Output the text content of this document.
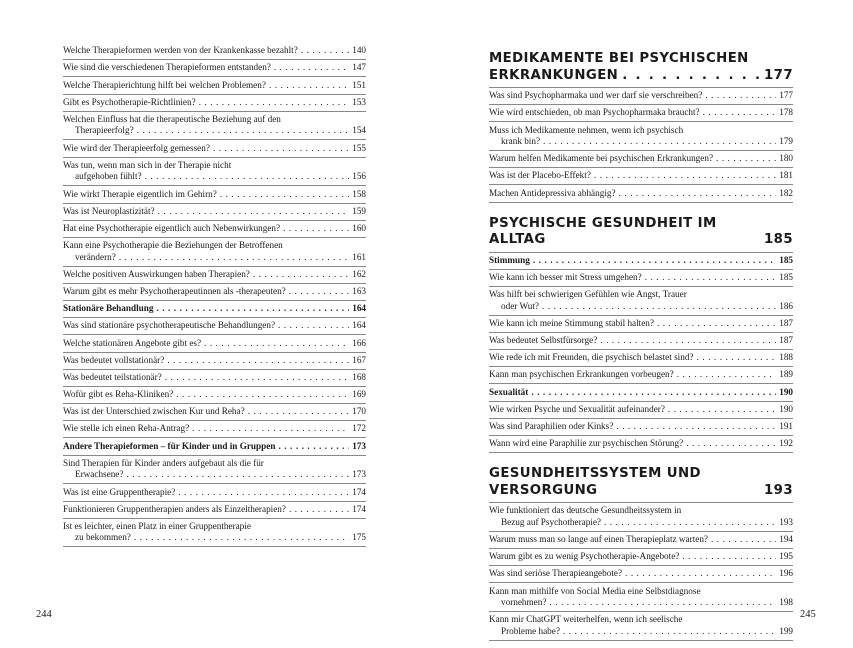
Welche Therapieformen werden von der Krankenkasse bezahlt? . . .	140
Wie sind die verschiedenen Therapieformen entstanden? . . .	147
Welche Therapierichtung hilft bei welchen Problemen? . . .	151
Gibt es Psychotherapie-Richtlinien? . . .	153
Welchen Einfluss hat die therapeutische Beziehung auf den
Therapieerfolg? . . .	154
Wie wird der Therapieerfolg gemessen? . . .	155
Was tun, wenn man sich in der Therapie nicht
aufgehoben fühlt? . . .	156
Wie wirkt Therapie eigentlich im Gehirn? . . .	158
Was ist Neuroplastizität? . . .	159
Hat eine Psychotherapie eigentlich auch Nebenwirkungen? . . .	160
Kann eine Psychotherapie die Beziehungen der Betroffenen
verändern? . . .	161
Welche positiven Auswirkungen haben Therapien? . . .	162
Warum gibt es mehr Psychotherapeutinnen als -therapeuten? . . .	163
Stationäre Behandlung . . .	164
Was sind stationäre psychotherapeutische Behandlungen? . . .	164
Welche stationären Angebote gibt es? . . .	166
Was bedeutet vollstationär? . . .	167
Was bedeutet teilstationär? . . .	168
Wofür gibt es Reha-Kliniken? . . .	169
Was ist der Unterschied zwischen Kur und Reha? . . .	170
Wie stelle ich einen Reha-Antrag? . . .	172
Andere Therapieformen – für Kinder und in Gruppen . . .	173
Sind Therapien für Kinder anders aufgebaut als die für
Erwachsene? . . .	173
Was ist eine Gruppentherapie? . . .	174
Funktionieren Gruppentherapien anders als Einzeltherapien? . . .	174
Ist es leichter, einen Platz in einer Gruppentherapie
zu bekommen? . . .	175
244
MEDIKAMENTE BEI PSYCHISCHEN
ERKRANKUNGEN . . .	177
Was sind Psychopharmaka und wer darf sie verschreiben? . . .	177
Wie wird entschieden, ob man Psychopharmaka braucht? . . .	178
Muss ich Medikamente nehmen, wenn ich psychisch
krank bin? . . .	179
Warum helfen Medikamente bei psychischen Erkrankungen? . . .	180
Was ist der Placebo-Effekt? . . .	181
Machen Antidepressiva abhängig? . . .	182
PSYCHISCHE GESUNDHEIT IM ALLTAG	185
Stimmung . . .	185
Wie kann ich besser mit Stress umgehen? . . .	185
Was hilft bei schwierigen Gefühlen wie Angst, Trauer
oder Wut? . . .	186
Wie kann ich meine Stimmung stabil halten? . . .	187
Was bedeutet Selbstfürsorge? . . .	187
Wie rede ich mit Freunden, die psychisch belastet sind? . . .	188
Kann man psychischen Erkrankungen vorbeugen? . . .	189
Sexualität . . .	190
Wie wirken Psyche und Sexualität aufeinander? . . .	190
Was sind Paraphilien oder Kinks? . . .	191
Wann wird eine Paraphilie zur psychischen Störung? . . .	192
GESUNDHEITSSYSTEM UND VERSORGUNG	193
Wie funktioniert das deutsche Gesundheitssystem in
Bezug auf Psychotherapie? . . .	193
Warum muss man so lange auf einen Therapieplatz warten? . . .	194
Warum gibt es zu wenig Psychotherapie-Angebote? . . .	195
Was sind seriöse Therapieangebote? . . .	196
Kann man mithilfe von Social Media eine Selbstdiagnose
vornehmen? . . .	198
Kann mir ChatGPT weiterhelfen, wenn ich seelische
Probleme habe? . . .	199
245
